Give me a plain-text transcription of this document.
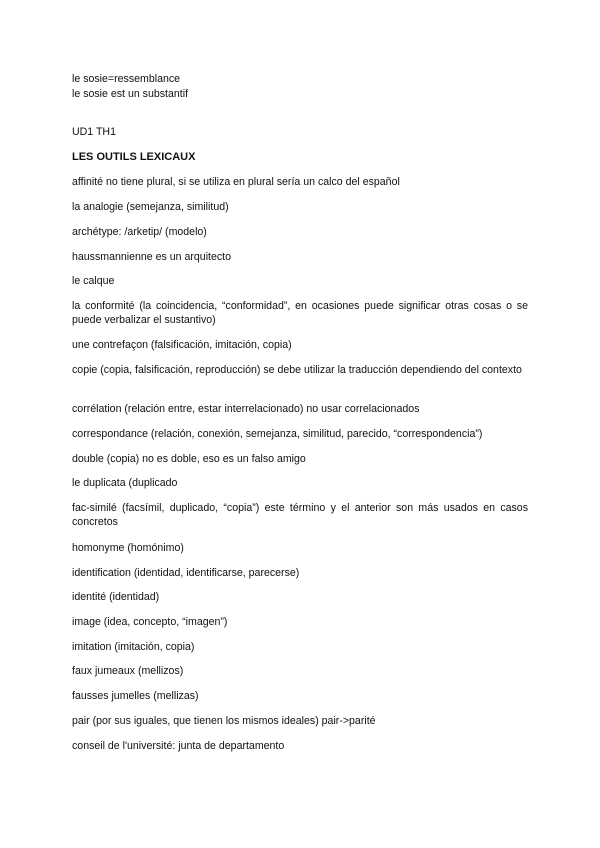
le sosie=ressemblance
le sosie est un substantif
UD1 TH1
LES OUTILS LEXICAUX
affinité no tiene plural, si se utiliza en plural sería un calco del español
la analogie (semejanza, similitud)
archétype: /arketip/ (modelo)
haussmannienne es un arquitecto
le calque
la conformité (la coincidencia, “conformidad”, en ocasiones puede significar otras cosas o se puede verbalizar el sustantivo)
une contrefaçon (falsificación, imitación, copia)
copie (copia, falsificación, reproducción) se debe utilizar la traducción dependiendo del contexto
corrélation (relación entre, estar interrelacionado) no usar correlacionados
correspondance (relación, conexión, semejanza, similitud, parecido, “correspondencia”)
double (copia) no es doble, eso es un falso amigo
le duplicata (duplicado
fac-similé (facsímil, duplicado, “copia”) este término y el anterior son más usados en casos concretos
homonyme (homónimo)
identification (identidad, identificarse, parecerse)
identité (identidad)
image (idea, concepto, “imagen”)
imitation (imitación, copia)
faux jumeaux (mellizos)
fausses jumelles (mellizas)
pair (por sus iguales, que tienen los mismos ideales) pair->parité
conseil de l'université: junta de departamento
